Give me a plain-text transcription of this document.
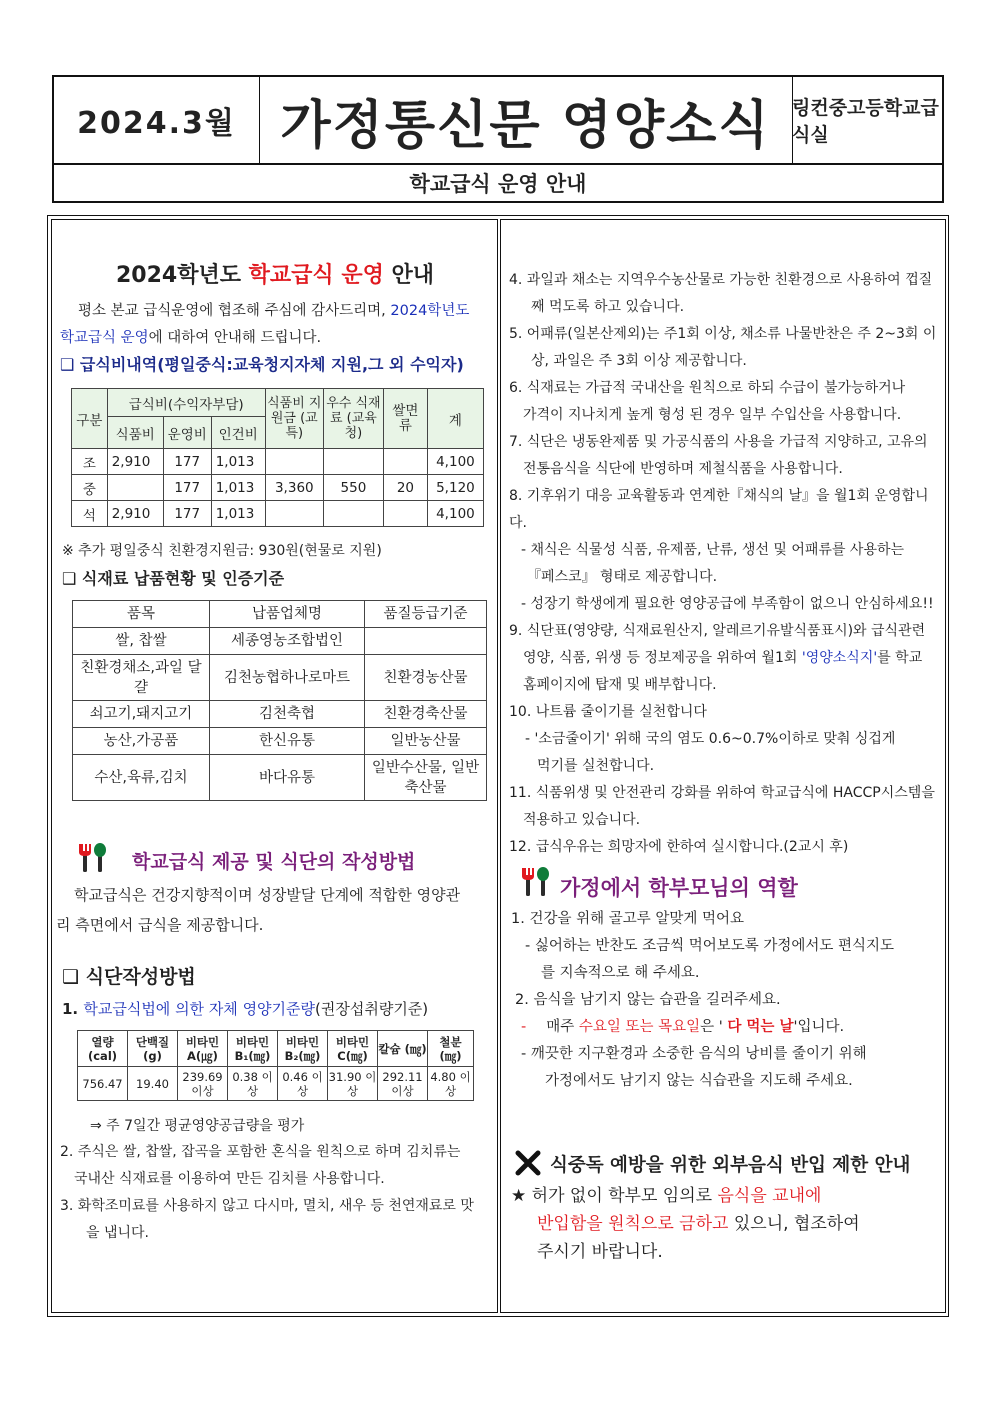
2024.3월 가정통신문 영양소식	링컨중고등학교급식실
학교급식 운영 안내
2024학년도 학교급식 운영 안내
평소 본교 급식운영에 협조해 주심에 감사드리며, 2024학년도
학교급식 운영에 대하여 안내해 드립니다.
❑ 급식비내역(평일중식:교육청지자체 지원,그 외 수익자)
구분	급식비(수익자부담)			식품비 지원금 (교특)	우수 식재료 (교육청)	쌀면 류	계
	식품비	운영비	인건비				
조	2,910	177	1,013				4,100
중		177	1,013	3,360	550	20	5,120
석	2,910	177	1,013				4,100
※ 추가 평일중식 친환경지원금: 930원(현물로 지원)
❑ 식재료 납품현황 및 인증기준
품목	납품업체명	품질등급기준
쌀, 찹쌀	세종영농조합법인	
친환경채소,과일 달걀	김천농협하나로마트	친환경농산물
쇠고기,돼지고기	김천축협	친환경축산물
농산,가공품	한신유통	일반농산물
수산,육류,김치	바다유통	일반수산물, 일반축산물
학교급식 제공 및 식단의 작성방법
학교급식은 건강지향적이며 성장발달 단계에 적합한 영양관
리 측면에서 급식을 제공합니다.
❑ 식단작성방법
1. 학교급식법에 의한 자체 영양기준량(권장섭취량기준)
열량 (cal)	단백질 (g)	비타민 A(㎍)	비타민 B₁(㎎)	비타민 B₂(㎎)	비타민 C(㎎)	칼슘 (㎎)	철분 (㎎)
756.47	19.40	239.69 이상	0.38 이상	0.46 이상	31.90 이상	292.11 이상	4.80 이상
⇒ 주 7일간 평균영양공급량을 평가
2. 주식은 쌀, 찹쌀, 잡곡을 포함한 혼식을 원칙으로 하며 김치류는
국내산 식재료를 이용하여 만든 김치를 사용합니다.
3. 화학조미료를 사용하지 않고 다시마, 멸치, 새우 등 천연재료로 맛
을 냅니다.
4. 과일과 채소는 지역우수농산물로 가능한 친환경으로 사용하여 껍질
째 먹도록 하고 있습니다.
5. 어패류(일본산제외)는 주1회 이상, 채소류 나물반찬은 주 2~3회 이
상, 과일은 주 3회 이상 제공합니다.
6. 식재료는 가급적 국내산을 원칙으로 하되 수급이 불가능하거나
가격이 지나치게 높게 형성 된 경우 일부 수입산을 사용합니다.
7. 식단은 냉동완제품 및 가공식품의 사용을 가급적 지양하고, 고유의
전통음식을 식단에 반영하며 제철식품을 사용합니다.
8. 기후위기 대응 교육활동과 연계한『채식의 날』을 월1회 운영합니다.
- 채식은 식물성 식품, 유제품, 난류, 생선 및 어패류를 사용하는
『페스코』 형태로 제공합니다.
- 성장기 학생에게 필요한 영양공급에 부족함이 없으니 안심하세요!!
9. 식단표(영양량, 식재료원산지, 알레르기유발식품표시)와 급식관련
영양, 식품, 위생 등 정보제공을 위하여 월1회 '영양소식지'를 학교
홈페이지에 탑재 및 배부합니다.
10. 나트륨 줄이기를 실천합니다
- '소금줄이기' 위해 국의 염도 0.6~0.7%이하로 맞춰 싱겁게
먹기를 실천합니다.
11. 식품위생 및 안전관리 강화를 위하여 학교급식에 HACCP시스템을
적용하고 있습니다.
12. 급식우유는 희망자에 한하여 실시합니다.(2교시 후)
가정에서 학부모님의 역할
1. 건강을 위해 골고루 알맞게 먹어요
- 싫어하는 반찬도 조금씩 먹어보도록 가정에서도 편식지도
를 지속적으로 해 주세요.
2. 음식을 남기지 않는 습관을 길러주세요.
- 매주 수요일 또는 목요일은 ' 다 먹는 날'입니다.
- 깨끗한 지구환경과 소중한 음식의 낭비를 줄이기 위해
가정에서도 남기지 않는 식습관을 지도해 주세요.
식중독 예방을 위한 외부음식 반입 제한 안내
★ 허가 없이 학부모 임의로 음식을 교내에
반입함을 원칙으로 금하고 있으니, 협조하여
주시기 바랍니다.
